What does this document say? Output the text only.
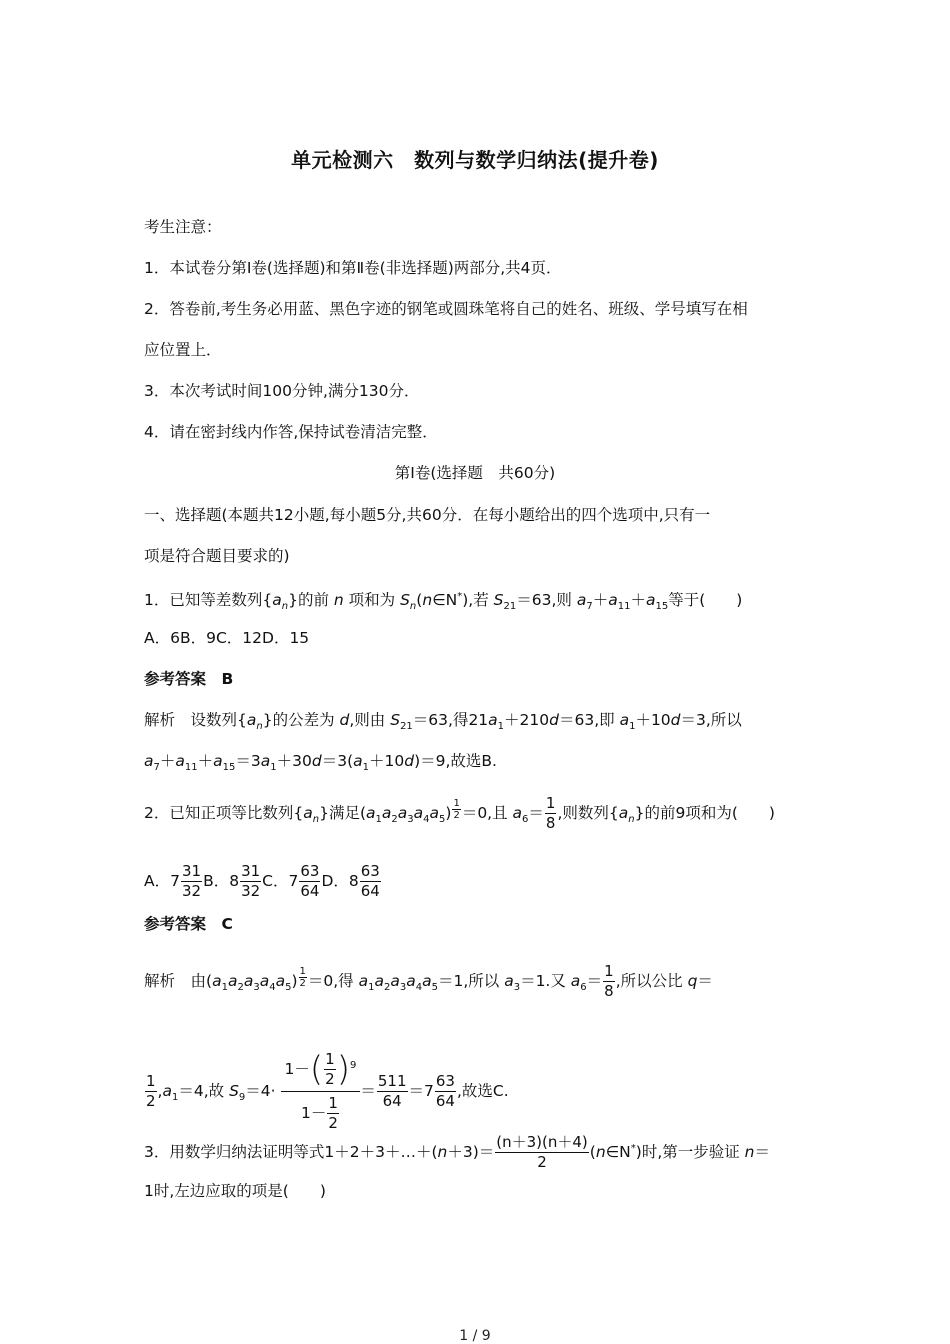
单元检测六　数列与数学归纳法(提升卷)
考生注意：
1．本试卷分第Ⅰ卷(选择题)和第Ⅱ卷(非选择题)两部分,共4页．
2．答卷前,考生务必用蓝、黑色字迹的钢笔或圆珠笔将自己的姓名、班级、学号填写在相
应位置上．
3．本次考试时间100分钟,满分130分．
4．请在密封线内作答,保持试卷清洁完整．
第Ⅰ卷(选择题　共60分)
一、选择题(本题共12小题,每小题5分,共60分．在每小题给出的四个选项中,只有一
项是符合题目要求的)
1．已知等差数列$\{a_n\}$的前 n 项和为 $S_n(n\in N^*)$,若 $S_{21}=63$,则 $a_7+a_{11}+a_{15}$等于(　　)
A．6B．9C．12D．15
参考答案　B
解析　设数列$\{a_n\}$的公差为 d,则由 $S_{21}=63$,得$21a_1+210d=63$,即 $a_1+10d=3$,所以
$a_7+a_{11}+a_{15}=3a_1+30d=3(a_1+10d)=9$,故选B.
2．已知正项等比数列$\{a_n\}$满足$(a_1a_2a_3a_4a_5)$ $^{\frac{1}{2}}$ ＝0,且 $a_6= \frac{1}{8}$ ,则数列$\{a_n\}$的前9项和为(　　)
A．$7 \frac{31}{32}$ B．$8 \frac{31}{32}$ C．$7 \frac{63}{64}$ D．$8 \frac{63}{64}$
参考答案　C
解析　由$(a_1a_2a_3a_4a_5)$ $^{\frac{1}{2}}$ ＝0,得 $a_1a_2a_3a_4a_5=1$,所以 $a_3=1$.又 $a_6= \frac{1}{8}$ ,所以公比 q＝
$\frac{1}{2} ,a_1=4$,故 $S_9=4\cdot \frac{1-( \frac{1}{2} )^9}{1- \frac{1}{2}} = \frac{511}{64} =7 \frac{63}{64}$ ,故选C.
3．用数学归纳法证明等式1＋2＋3＋…＋(n＋3)＝ $\frac{(n+3)(n+4)}{2}$ (n∈N*)时,第一步验证 n＝
1时,左边应取的项是(　　)
1 / 9
